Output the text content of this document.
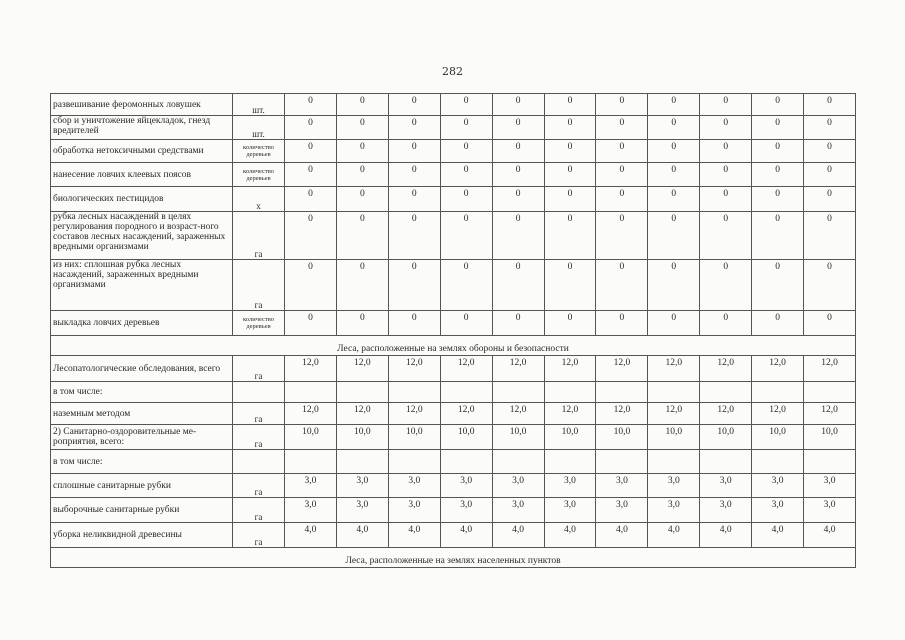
282
развешивание феромонных ловушек	шт.	0	0	0	0	0	0	0	0	0	0	0
сбор и уничтожение яйцекладок, гнезд вредителей	шт.	0	0	0	0	0	0	0	0	0	0	0
обработка нетоксичными средствами	количество деревьев	0	0	0	0	0	0	0	0	0	0	0
нанесение ловчих клеевых поясов	количество деревьев	0	0	0	0	0	0	0	0	0	0	0
биологических пестицидов	x	0	0	0	0	0	0	0	0	0	0	0
рубка лесных насаждений в целях регулирования породного и возраст-ного составов лесных насаждений, зараженных вредными организмами	га	0	0	0	0	0	0	0	0	0	0	0
из них: сплошная рубка лесных насаждений, зараженных вредными организмами	га	0	0	0	0	0	0	0	0	0	0	0
выкладка ловчих деревьев	количество деревьев	0	0	0	0	0	0	0	0	0	0	0
Леса, расположенные на землях обороны и безопасности												
Лесопатологические обследования, всего	га	12,0	12,0	12,0	12,0	12,0	12,0	12,0	12,0	12,0	12,0	12,0
в том числе:												
наземным методом	га	12,0	12,0	12,0	12,0	12,0	12,0	12,0	12,0	12,0	12,0	12,0
2) Санитарно-оздоровительные ме-роприятия, всего:	га	10,0	10,0	10,0	10,0	10,0	10,0	10,0	10,0	10,0	10,0	10,0
в том числе:												
сплошные санитарные рубки	га	3,0	3,0	3,0	3,0	3,0	3,0	3,0	3,0	3,0	3,0	3,0
выборочные санитарные рубки	га	3,0	3,0	3,0	3,0	3,0	3,0	3,0	3,0	3,0	3,0	3,0
уборка неликвидной древесины	га	4,0	4,0	4,0	4,0	4,0	4,0	4,0	4,0	4,0	4,0	4,0
Леса, расположенные на землях населенных пунктов												
